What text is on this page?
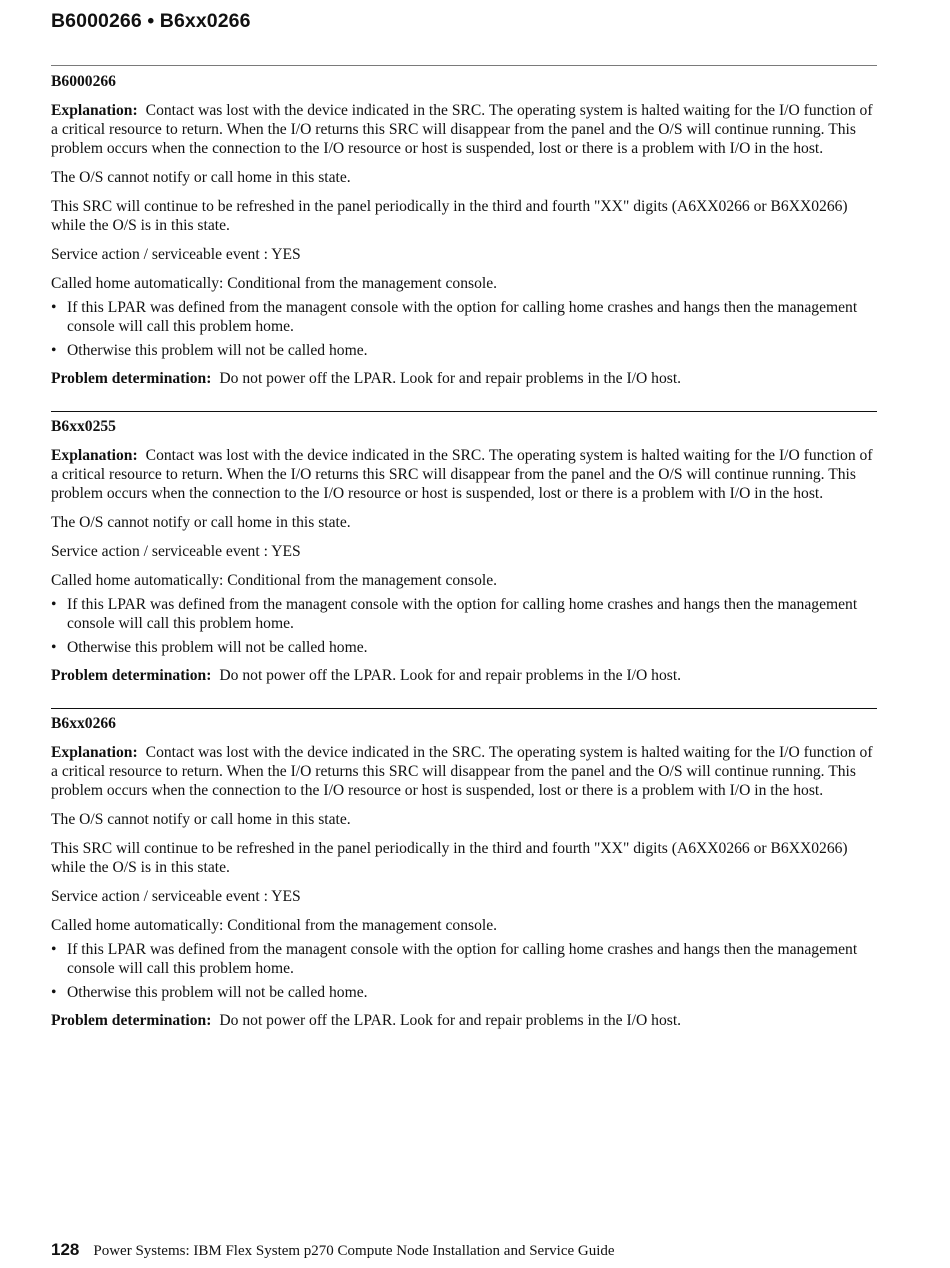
B6000266 • B6xx0266
B6000266

Explanation: Contact was lost with the device indicated in the SRC. The operating system is halted waiting for the I/O function of a critical resource to return. When the I/O returns this SRC will disappear from the panel and the O/S will continue running. This problem occurs when the connection to the I/O resource or host is suspended, lost or there is a problem with I/O in the host.

The O/S cannot notify or call home in this state.

This SRC will continue to be refreshed in the panel periodically in the third and fourth "XX" digits (A6XX0266 or B6XX0266) while the O/S is in this state.

Service action / serviceable event : YES

Called home automatically: Conditional from the management console.

• If this LPAR was defined from the managent console with the option for calling home crashes and hangs then the management console will call this problem home.
• Otherwise this problem will not be called home.

Problem determination: Do not power off the LPAR. Look for and repair problems in the I/O host.

B6xx0255

Explanation: Contact was lost with the device indicated in the SRC. The operating system is halted waiting for the I/O function of a critical resource to return. When the I/O returns this SRC will disappear from the panel and the O/S will continue running. This problem occurs when the connection to the I/O resource or host is suspended, lost or there is a problem with I/O in the host.

The O/S cannot notify or call home in this state.

Service action / serviceable event : YES

Called home automatically: Conditional from the management console.

• If this LPAR was defined from the managent console with the option for calling home crashes and hangs then the management console will call this problem home.
• Otherwise this problem will not be called home.

Problem determination: Do not power off the LPAR. Look for and repair problems in the I/O host.

B6xx0266

Explanation: Contact was lost with the device indicated in the SRC. The operating system is halted waiting for the I/O function of a critical resource to return. When the I/O returns this SRC will disappear from the panel and the O/S will continue running. This problem occurs when the connection to the I/O resource or host is suspended, lost or there is a problem with I/O in the host.

The O/S cannot notify or call home in this state.

This SRC will continue to be refreshed in the panel periodically in the third and fourth "XX" digits (A6XX0266 or B6XX0266) while the O/S is in this state.

Service action / serviceable event : YES

Called home automatically: Conditional from the management console.

• If this LPAR was defined from the managent console with the option for calling home crashes and hangs then the management console will call this problem home.
• Otherwise this problem will not be called home.

Problem determination: Do not power off the LPAR. Look for and repair problems in the I/O host.

128 Power Systems: IBM Flex System p270 Compute Node Installation and Service Guide
